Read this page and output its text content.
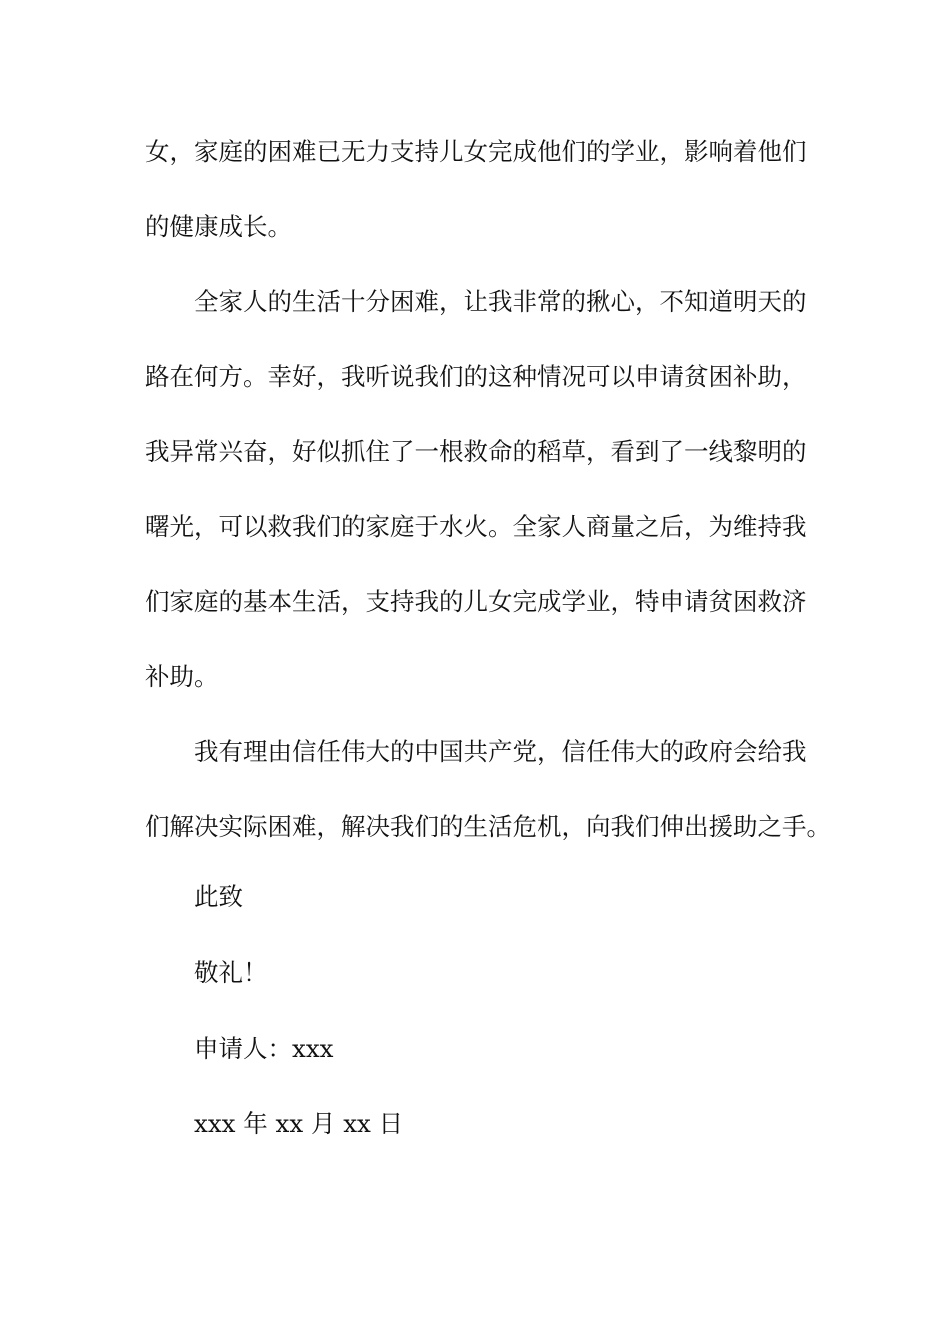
女，家庭的困难已无力支持儿女完成他们的学业，影响着他们
的健康成长。
全家人的生活十分困难，让我非常的揪心，不知道明天的
路在何方。幸好，我听说我们的这种情况可以申请贫困补助，
我异常兴奋，好似抓住了一根救命的稻草，看到了一线黎明的
曙光，可以救我们的家庭于水火。全家人商量之后，为维持我
们家庭的基本生活，支持我的儿女完成学业，特申请贫困救济
补助。
我有理由信任伟大的中国共产党，信任伟大的政府会给我
们解决实际困难，解决我们的生活危机，向我们伸出援助之手。
此致
敬礼！
申请人：xxx
xxx 年 xx 月 xx 日
